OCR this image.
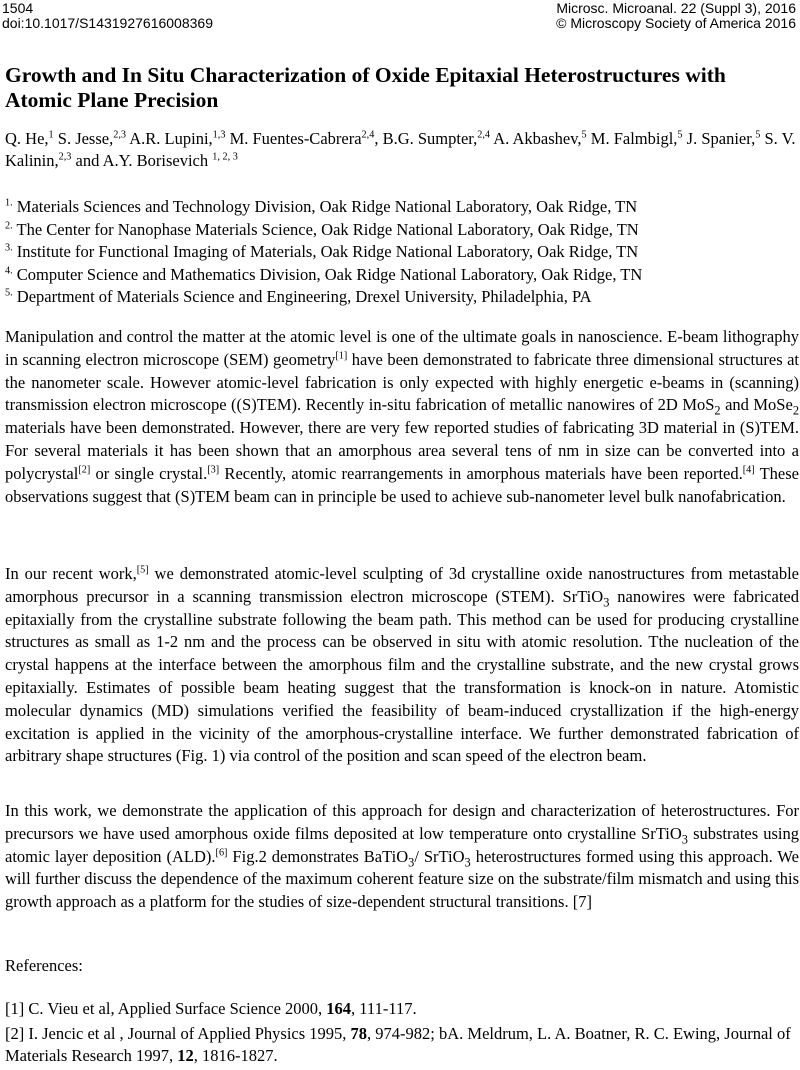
1504
doi:10.1017/S1431927616008369
Microsc. Microanal. 22 (Suppl 3), 2016
© Microscopy Society of America 2016
Growth and In Situ Characterization of Oxide Epitaxial Heterostructures with Atomic Plane Precision
Q. He,$^1$ S. Jesse,$^{2,3}$ A.R. Lupini,$^{1,3}$ M. Fuentes-Cabrera$^{2,4}$, B.G. Sumpter,$^{2,4}$ A. Akbashev,$^5$ M. Falmbigl,$^5$ J. Spanier,$^5$ S. V. Kalinin,$^{2,3}$ and A.Y. Borisevich $^{1, 2, 3}$
$^{1.}$ Materials Sciences and Technology Division, Oak Ridge National Laboratory, Oak Ridge, TN
$^{2.}$ The Center for Nanophase Materials Science, Oak Ridge National Laboratory, Oak Ridge, TN
$^{3.}$ Institute for Functional Imaging of Materials, Oak Ridge National Laboratory, Oak Ridge, TN
$^{4.}$ Computer Science and Mathematics Division, Oak Ridge National Laboratory, Oak Ridge, TN
$^{5.}$ Department of Materials Science and Engineering, Drexel University, Philadelphia, PA
Manipulation and control the matter at the atomic level is one of the ultimate goals in nanoscience. E-beam lithography in scanning electron microscope (SEM) geometry[1] have been demonstrated to fabricate three dimensional structures at the nanometer scale. However atomic-level fabrication is only expected with highly energetic e-beams in (scanning) transmission electron microscope ((S)TEM). Recently in-situ fabrication of metallic nanowires of 2D MoS$_2$ and MoSe$_2$ materials have been demonstrated. However, there are very few reported studies of fabricating 3D material in (S)TEM. For several materials it has been shown that an amorphous area several tens of nm in size can be converted into a polycrystal[2] or single crystal.[3] Recently, atomic rearrangements in amorphous materials have been reported.[4] These observations suggest that (S)TEM beam can in principle be used to achieve sub-nanometer level bulk nanofabrication.
In our recent work,[5] we demonstrated atomic-level sculpting of 3d crystalline oxide nanostructures from metastable amorphous precursor in a scanning transmission electron microscope (STEM). SrTiO$_3$ nanowires were fabricated epitaxially from the crystalline substrate following the beam path. This method can be used for producing crystalline structures as small as 1-2 nm and the process can be observed in situ with atomic resolution. Tthe nucleation of the crystal happens at the interface between the amorphous film and the crystalline substrate, and the new crystal grows epitaxially. Estimates of possible beam heating suggest that the transformation is knock-on in nature. Atomistic molecular dynamics (MD) simulations verified the feasibility of beam-induced crystallization if the high-energy excitation is applied in the vicinity of the amorphous-crystalline interface. We further demonstrated fabrication of arbitrary shape structures (Fig. 1) via control of the position and scan speed of the electron beam.
In this work, we demonstrate the application of this approach for design and characterization of heterostructures. For precursors we have used amorphous oxide films deposited at low temperature onto crystalline SrTiO$_3$ substrates using atomic layer deposition (ALD).[6] Fig.2 demonstrates BaTiO$_3$/ SrTiO$_3$ heterostructures formed using this approach. We will further discuss the dependence of the maximum coherent feature size on the substrate/film mismatch and using this growth approach as a platform for the studies of size-dependent structural transitions. [7]
References:
[1] C. Vieu et al, Applied Surface Science 2000, 164, 111-117.
[2] I. Jencic et al , Journal of Applied Physics 1995, 78, 974-982; bA. Meldrum, L. A. Boatner, R. C. Ewing, Journal of Materials Research 1997, 12, 1816-1827.
